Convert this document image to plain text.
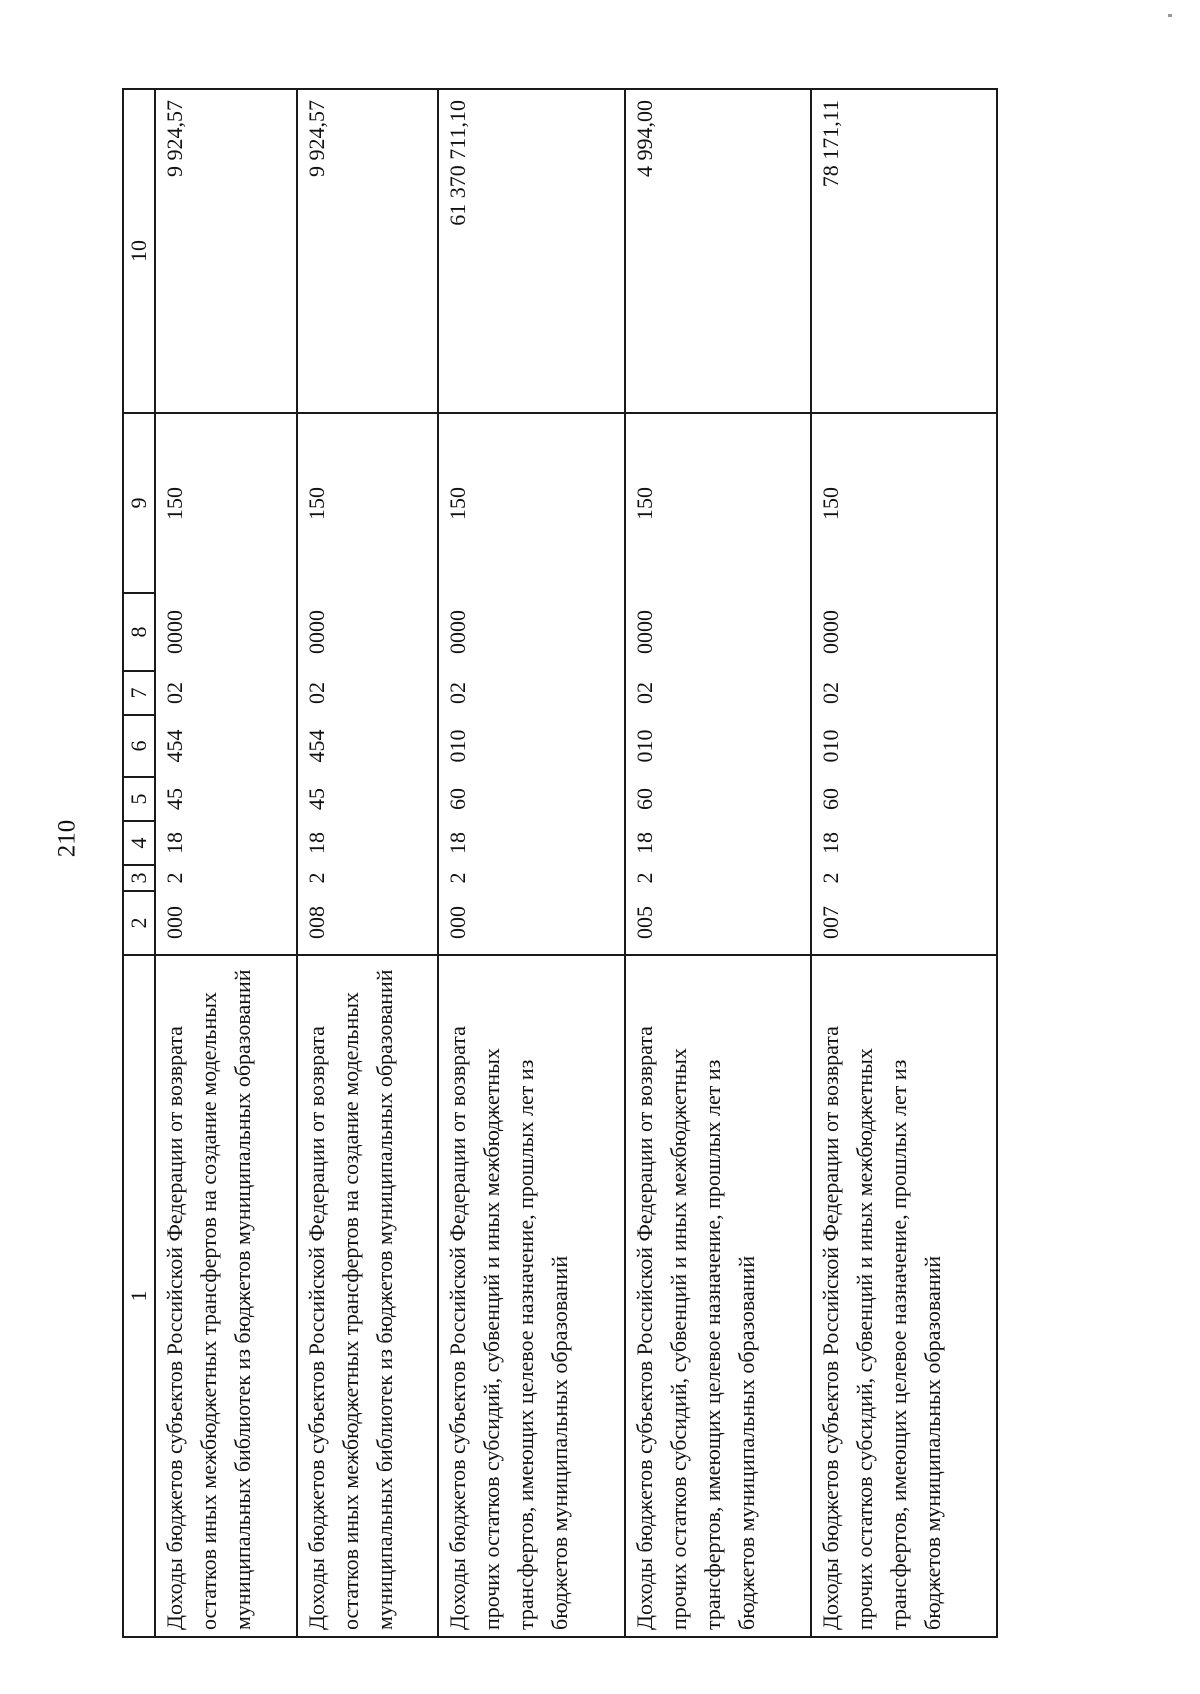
210
1	2	3	4	5	6	7	8	9	10
Доходы бюджетов субъектов Российской Федерации от возврата остатков иных межбюджетных трансфертов на создание модельных муниципальных библиотек из бюджетов муниципальных образований	000	2	18	45	454	02	0000	150	9 924,57
Доходы бюджетов субъектов Российской Федерации от возврата остатков иных межбюджетных трансфертов на создание модельных муниципальных библиотек из бюджетов муниципальных образований	008	2	18	45	454	02	0000	150	9 924,57
Доходы бюджетов субъектов Российской Федерации от возврата прочих остатков субсидий, субвенций и иных межбюджетных трансфертов, имеющих целевое назначение, прошлых лет из бюджетов муниципальных образований	000	2	18	60	010	02	0000	150	61 370 711,10
Доходы бюджетов субъектов Российской Федерации от возврата прочих остатков субсидий, субвенций и иных межбюджетных трансфертов, имеющих целевое назначение, прошлых лет из бюджетов муниципальных образований	005	2	18	60	010	02	0000	150	4 994,00
Доходы бюджетов субъектов Российской Федерации от возврата прочих остатков субсидий, субвенций и иных межбюджетных трансфертов, имеющих целевое назначение, прошлых лет из бюджетов муниципальных образований	007	2	18	60	010	02	0000	150	78 171,11
